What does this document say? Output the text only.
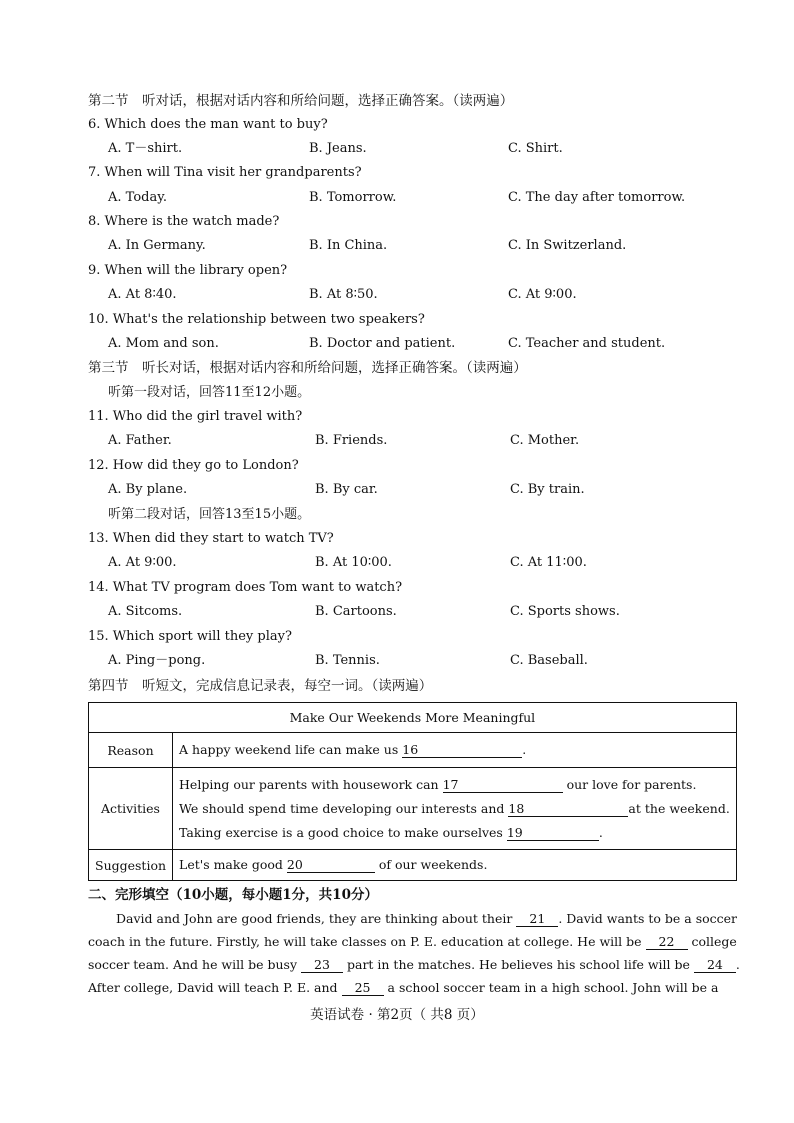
第二节　听对话，根据对话内容和所给问题，选择正确答案。（读两遍）
6. Which does the man want to buy?
A. T－shirt.	B. Jeans.	C. Shirt.
7. When will Tina visit her grandparents?
A. Today.	B. Tomorrow.	C. The day after tomorrow.
8. Where is the watch made?
A. In Germany.	B. In China.	C. In Switzerland.
9. When will the library open?
A. At 8∶40.	B. At 8∶50.	C. At 9∶00.
10. What's the relationship between two speakers?
A. Mom and son.	B. Doctor and patient.	C. Teacher and student.
第三节　听长对话，根据对话内容和所给问题，选择正确答案。（读两遍）
听第一段对话，回答11至12小题。
11. Who did the girl travel with?
A. Father.	B. Friends.	C. Mother.
12. How did they go to London?
A. By plane.	B. By car.	C. By train.
听第二段对话，回答13至15小题。
13. When did they start to watch TV?
A. At 9∶00.	B. At 10∶00.	C. At 11∶00.
14. What TV program does Tom want to watch?
A. Sitcoms.	B. Cartoons.	C. Sports shows.
15. Which sport will they play?
A. Ping－pong.	B. Tennis.	C. Baseball.
第四节　听短文，完成信息记录表，每空一词。（读两遍）
Make Our Weekends More Meaningful	
Reason	A happy weekend life can make us 16 .
Activities	Helping our parents with housework can 17 our love for parents.
We should spend time developing our interests and 18 at the weekend.
Taking exercise is a good choice to make ourselves 19 .

Suggestion	Let's make good 20 of our weekends.
二、完形填空（10小题，每小题1分，共10分）
David and John are good friends, they are thinking about their 21 . David wants to be a soccer
coach in the future. Firstly, he will take classes on P. E. education at college. He will be 22 college
soccer team. And he will be busy 23 part in the matches. He believes his school life will be 24 .
After college, David will teach P. E. and 25 a school soccer team in a high school. John will be a
英语试卷 · 第2页（ 共8 页）
